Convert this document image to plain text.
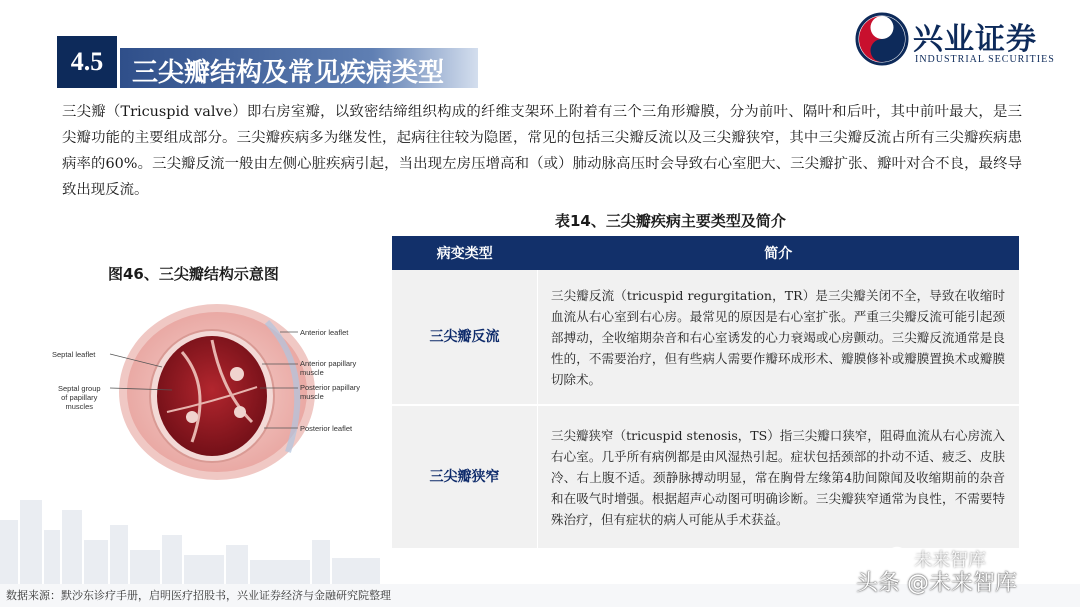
4.5	三尖瓣结构及常见疾病类型
兴业证券
INDUSTRIAL SECURITIES
三尖瓣（Tricuspid valve）即右房室瓣，以致密结缔组织构成的纤维支架环上附着有三个三角形瓣膜，分为前叶、隔叶和后叶，其中前叶最大，是三尖瓣功能的主要组成部分。三尖瓣疾病多为继发性，起病往往较为隐匿，常见的包括三尖瓣反流以及三尖瓣狭窄，其中三尖瓣反流占所有三尖瓣疾病患病率的60%。三尖瓣反流一般由左侧心脏疾病引起，当出现左房压增高和（或）肺动脉高压时会导致右心室肥大、三尖瓣扩张、瓣叶对合不良，最终导致出现反流。
图46、三尖瓣结构示意图
Septal leaflet
Septal group
of papillary
muscles
Anterior leaflet
Anterior papillary
muscle
Posterior papillary
muscle
Posterior leaflet
表14、三尖瓣疾病主要类型及简介
病变类型	简介
三尖瓣反流	三尖瓣反流（tricuspid regurgitation，TR）是三尖瓣关闭不全，导致在收缩时血流从右心室到右心房。最常见的原因是右心室扩张。严重三尖瓣反流可能引起颈部搏动，全收缩期杂音和右心室诱发的心力衰竭或心房颤动。三尖瓣反流通常是良性的，不需要治疗，但有些病人需要作瓣环成形术、瓣膜修补或瓣膜置换术或瓣膜切除术。
三尖瓣狭窄	三尖瓣狭窄（tricuspid stenosis，TS）指三尖瓣口狭窄，阻碍血流从右心房流入右心室。几乎所有病例都是由风湿热引起。症状包括颈部的扑动不适、疲乏、皮肤冷、右上腹不适。颈静脉搏动明显，常在胸骨左缘第4肋间隙闻及收缩期前的杂音和在吸气时增强。根据超声心动图可明确诊断。三尖瓣狭窄通常为良性，不需要特殊治疗，但有症状的病人可能从手术获益。
数据来源：默沙东诊疗手册，启明医疗招股书，兴业证券经济与金融研究院整理
未来智库
头条 @未来智库
